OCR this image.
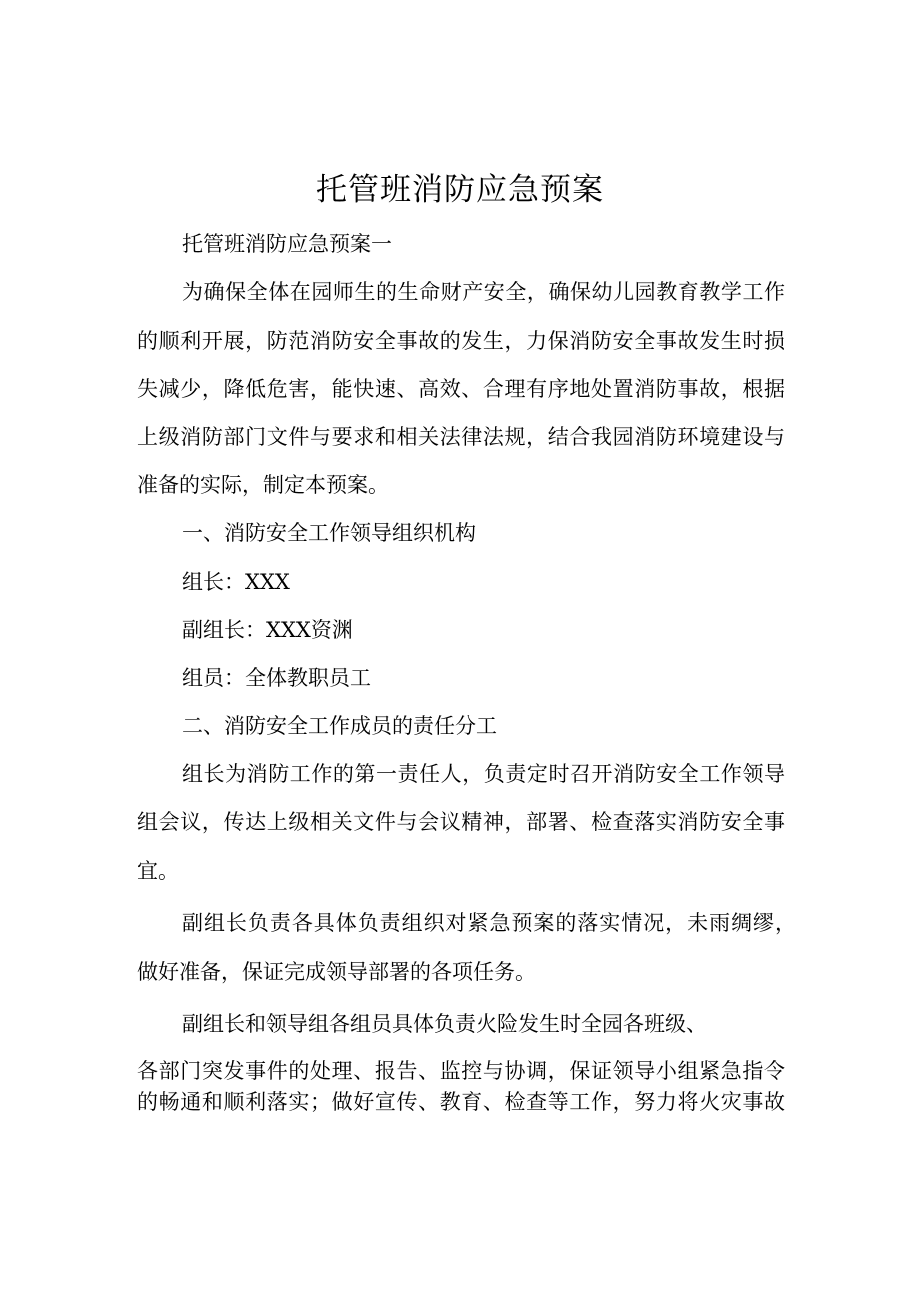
托管班消防应急预案

托管班消防应急预案一

为确保全体在园师生的生命财产安全，确保幼儿园教育教学工作

的顺利开展，防范消防安全事故的发生，力保消防安全事故发生时损

失减少，降低危害，能快速、高效、合理有序地处置消防事故，根据

上级消防部门文件与要求和相关法律法规，结合我园消防环境建设与

准备的实际，制定本预案。

一、消防安全工作领导组织机构

组长：XXX

副组长：XXX资渊

组员：全体教职员工

二、消防安全工作成员的责任分工

组长为消防工作的第一责任人，负责定时召开消防安全工作领导

组会议，传达上级相关文件与会议精神，部署、检查落实消防安全事

宜。

副组长负责各具体负责组织对紧急预案的落实情况，未雨绸缪，

做好准备，保证完成领导部署的各项任务。

副组长和领导组各组员具体负责火险发生时全园各班级、

各部门突发事件的处理、报告、监控与协调，保证领导小组紧急指令

的畅通和顺利落实；做好宣传、教育、检查等工作，努力将火灾事故
